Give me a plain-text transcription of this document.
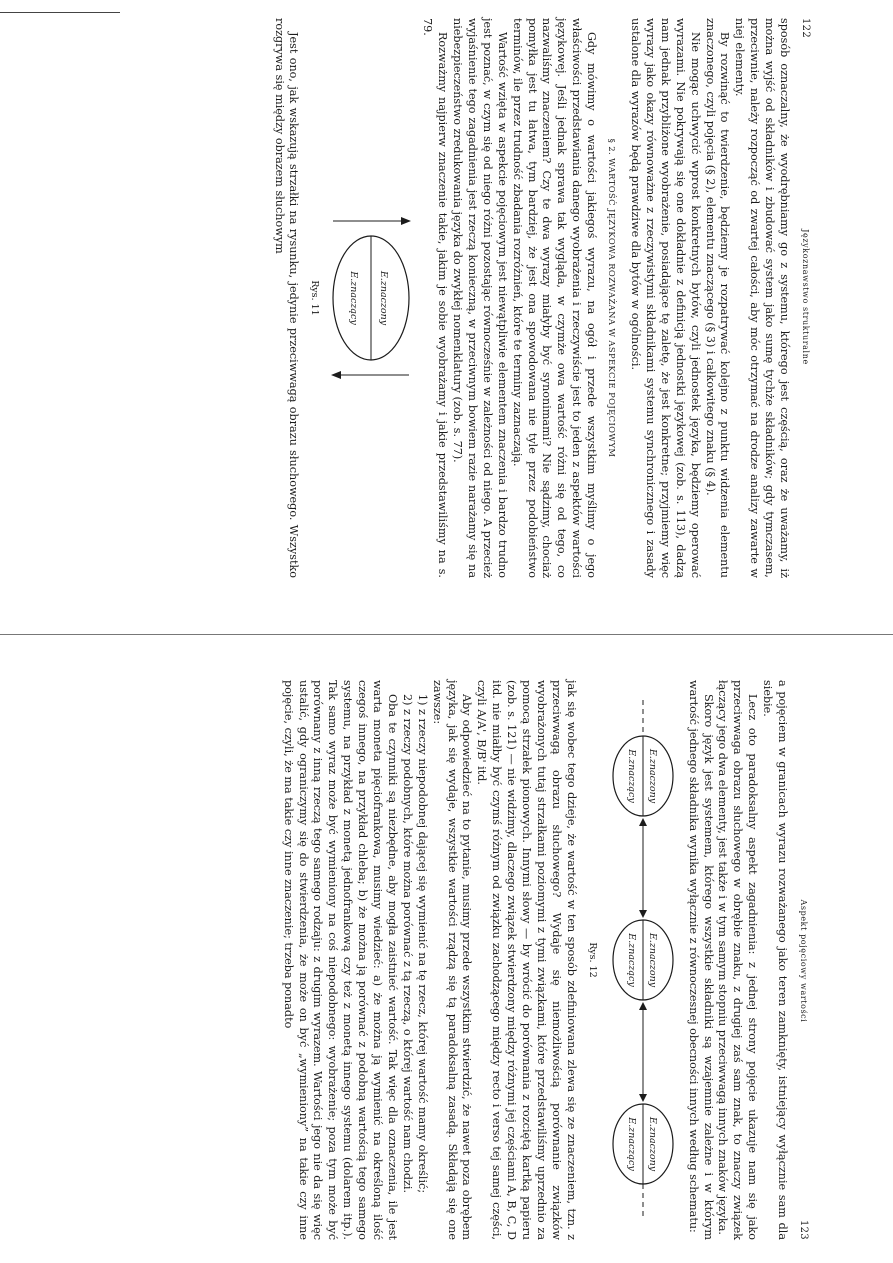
122
Językoznawstwo strukturalne

sposób oznaczalny, że wyodrębniamy go z systemu, którego jest częścią, oraz że uważamy, iż można wyjść od składników i zbudować system jako sumę tychże składników; gdy tymczasem, przeciwnie, należy rozpocząć od zwartej całości, aby móc otrzymać na drodze analizy zawarte w niej elementy.

By rozwinąć to twierdzenie, będziemy je rozpatrywać kolejno z punktu widzenia elementu znaczonego, czyli pojęcia (§ 2), elementu znaczącego (§ 3) i całkowitego znaku (§ 4).

Nie mogąc uchwycić wprost konkretnych bytów, czyli jednostek języka, będziemy operować wyrazami. Nie pokrywają się one dokładnie z definicją jednostki językowej (zob. s. 113), dadzą nam jednak przybliżone wyobrażenie, posiadające tę zaletę, że jest konkretne; przyjmiemy więc wyrazy jako okazy równoważne z rzeczywistymi składnikami systemu synchronicznego i zasady ustalone dla wyrazów będą prawdziwe dla bytów w ogólności.

§ 2. WARTOŚĆ JĘZYKOWA ROZWAŻANA W ASPEKCIE POJĘCIOWYM

Gdy mówimy o wartości jakiegoś wyrazu, na ogół i przede wszystkim myślimy o jego właściwości przedstawiania danego wyobrażenia i rzeczywiście jest to jeden z aspektów wartości językowej. Jeśli jednak sprawa tak wygląda, w czymże owa wartość różni się od tego, co nazwaliśmy znaczeniem? Czy te dwa wyrazy miałyby być synonimami? Nie sądzimy, chociaż pomyłka jest tu łatwa, tym bardziej, że jest ona spowodowana nie tyle przez podobieństwo terminów, ile przez trudność zbadania rozróżnień, które te terminy zaznaczają.

Wartość wzięta w aspekcie pojęciowym jest niewątpliwie elementem znaczenia i bardzo trudno jest poznać, w czym się od niego różni pozostając równocześnie w zależności od niego. A przecież wyjaśnienie tego zagadnienia jest rzeczą konieczną, w przeciwnym bowiem razie narażamy się na niebezpieczeństwo zredukowania języka do zwykłej nomenklatury (zob. s. 77).

Rozważmy najpierw znaczenie takie, jakim je sobie wyobrażamy i jakie przedstawiliśmy na s. 79.

E.znaczony
E.znaczący

Rys. 11

Jest ono, jak wskazują strzałki na rysunku, jedynie przeciwwagą obrazu słuchowego. Wszystko rozgrywa się między obrazem słuchowym

Aspekt pojęciowy wartości
123

a pojęciem w granicach wyrazu rozważanego jako teren zamknięty, istniejący wyłącznie sam dla siebie.

Lecz oto paradoksalny aspekt zagadnienia: z jednej strony pojęcie ukazuje nam się jako przeciwwaga obrazu słuchowego w obrębie znaku, z drugiej zaś sam znak, to znaczy związek łączący jego dwa elementy, jest także i w tym samym stopniu przeciwwagą innych znaków języka.

Skoro język jest systemem, którego wszystkie składniki są wzajemnie zależne i w którym wartość jednego składnika wynika wyłącznie z równoczesnej obecności innych według schematu:

E.znaczony
E.znaczący
E.znaczony
E.znaczący
E.znaczony
E.znaczący

Rys. 12

jak się wobec tego dzieje, że wartość w ten sposób zdefiniowana zlewa się ze znaczeniem, tzn. z przeciwwagą obrazu słuchowego? Wydaje się niemożliwością porównanie związków wyobrażonych tutaj strzałkami poziomymi z tymi związkami, które przedstawiliśmy uprzednio za pomocą strzałek pionowych. Innymi słowy — by wrócić do porównania z rozciętą kartką papieru (zob. s. 121) — nie widzimy, dlaczego związek stwierdzony między różnymi jej częściami A, B, C, D itd. nie miałby być czymś różnym od związku zachodzącego między recto i verso tej samej części, czyli A/A', B/B' itd.

Aby odpowiedzieć na to pytanie, musimy przede wszystkim stwierdzić, że nawet poza obrębem języka, jak się wydaje, wszystkie wartości rządzą się tą paradoksalną zasadą. Składają się one zawsze:

1) z rzeczy niepodobnej dającej się wymienić na tę rzecz, której wartość mamy określić;

2) z rzeczy podobnych, które można porównać z tą rzeczą, o której wartość nam chodzi.

Oba te czynniki są niezbędne, aby mogła zaistnieć wartość. Tak więc dla oznaczenia, ile jest warta moneta pięciofrankowa, musimy wiedzieć: a) że można ją wymienić na określoną ilość czegoś innego, na przykład chleba; b) że można ją porównać z podobną wartością tego samego systemu, na przykład z monetą jednofrankową czy też z monetą innego systemu (dolarem itp.). Tak samo wyraz może być wymieniony na coś niepodobnego: wyobrażenie; poza tym może być porównany z inną rzeczą tego samego rodzaju: z drugim wyrazem. Wartości jego nie da się więc ustalić, gdy ograniczymy się do stwierdzenia, że może on być „wymieniony” na takie czy inne pojęcie, czyli, że ma takie czy inne znaczenie; trzeba ponadto
